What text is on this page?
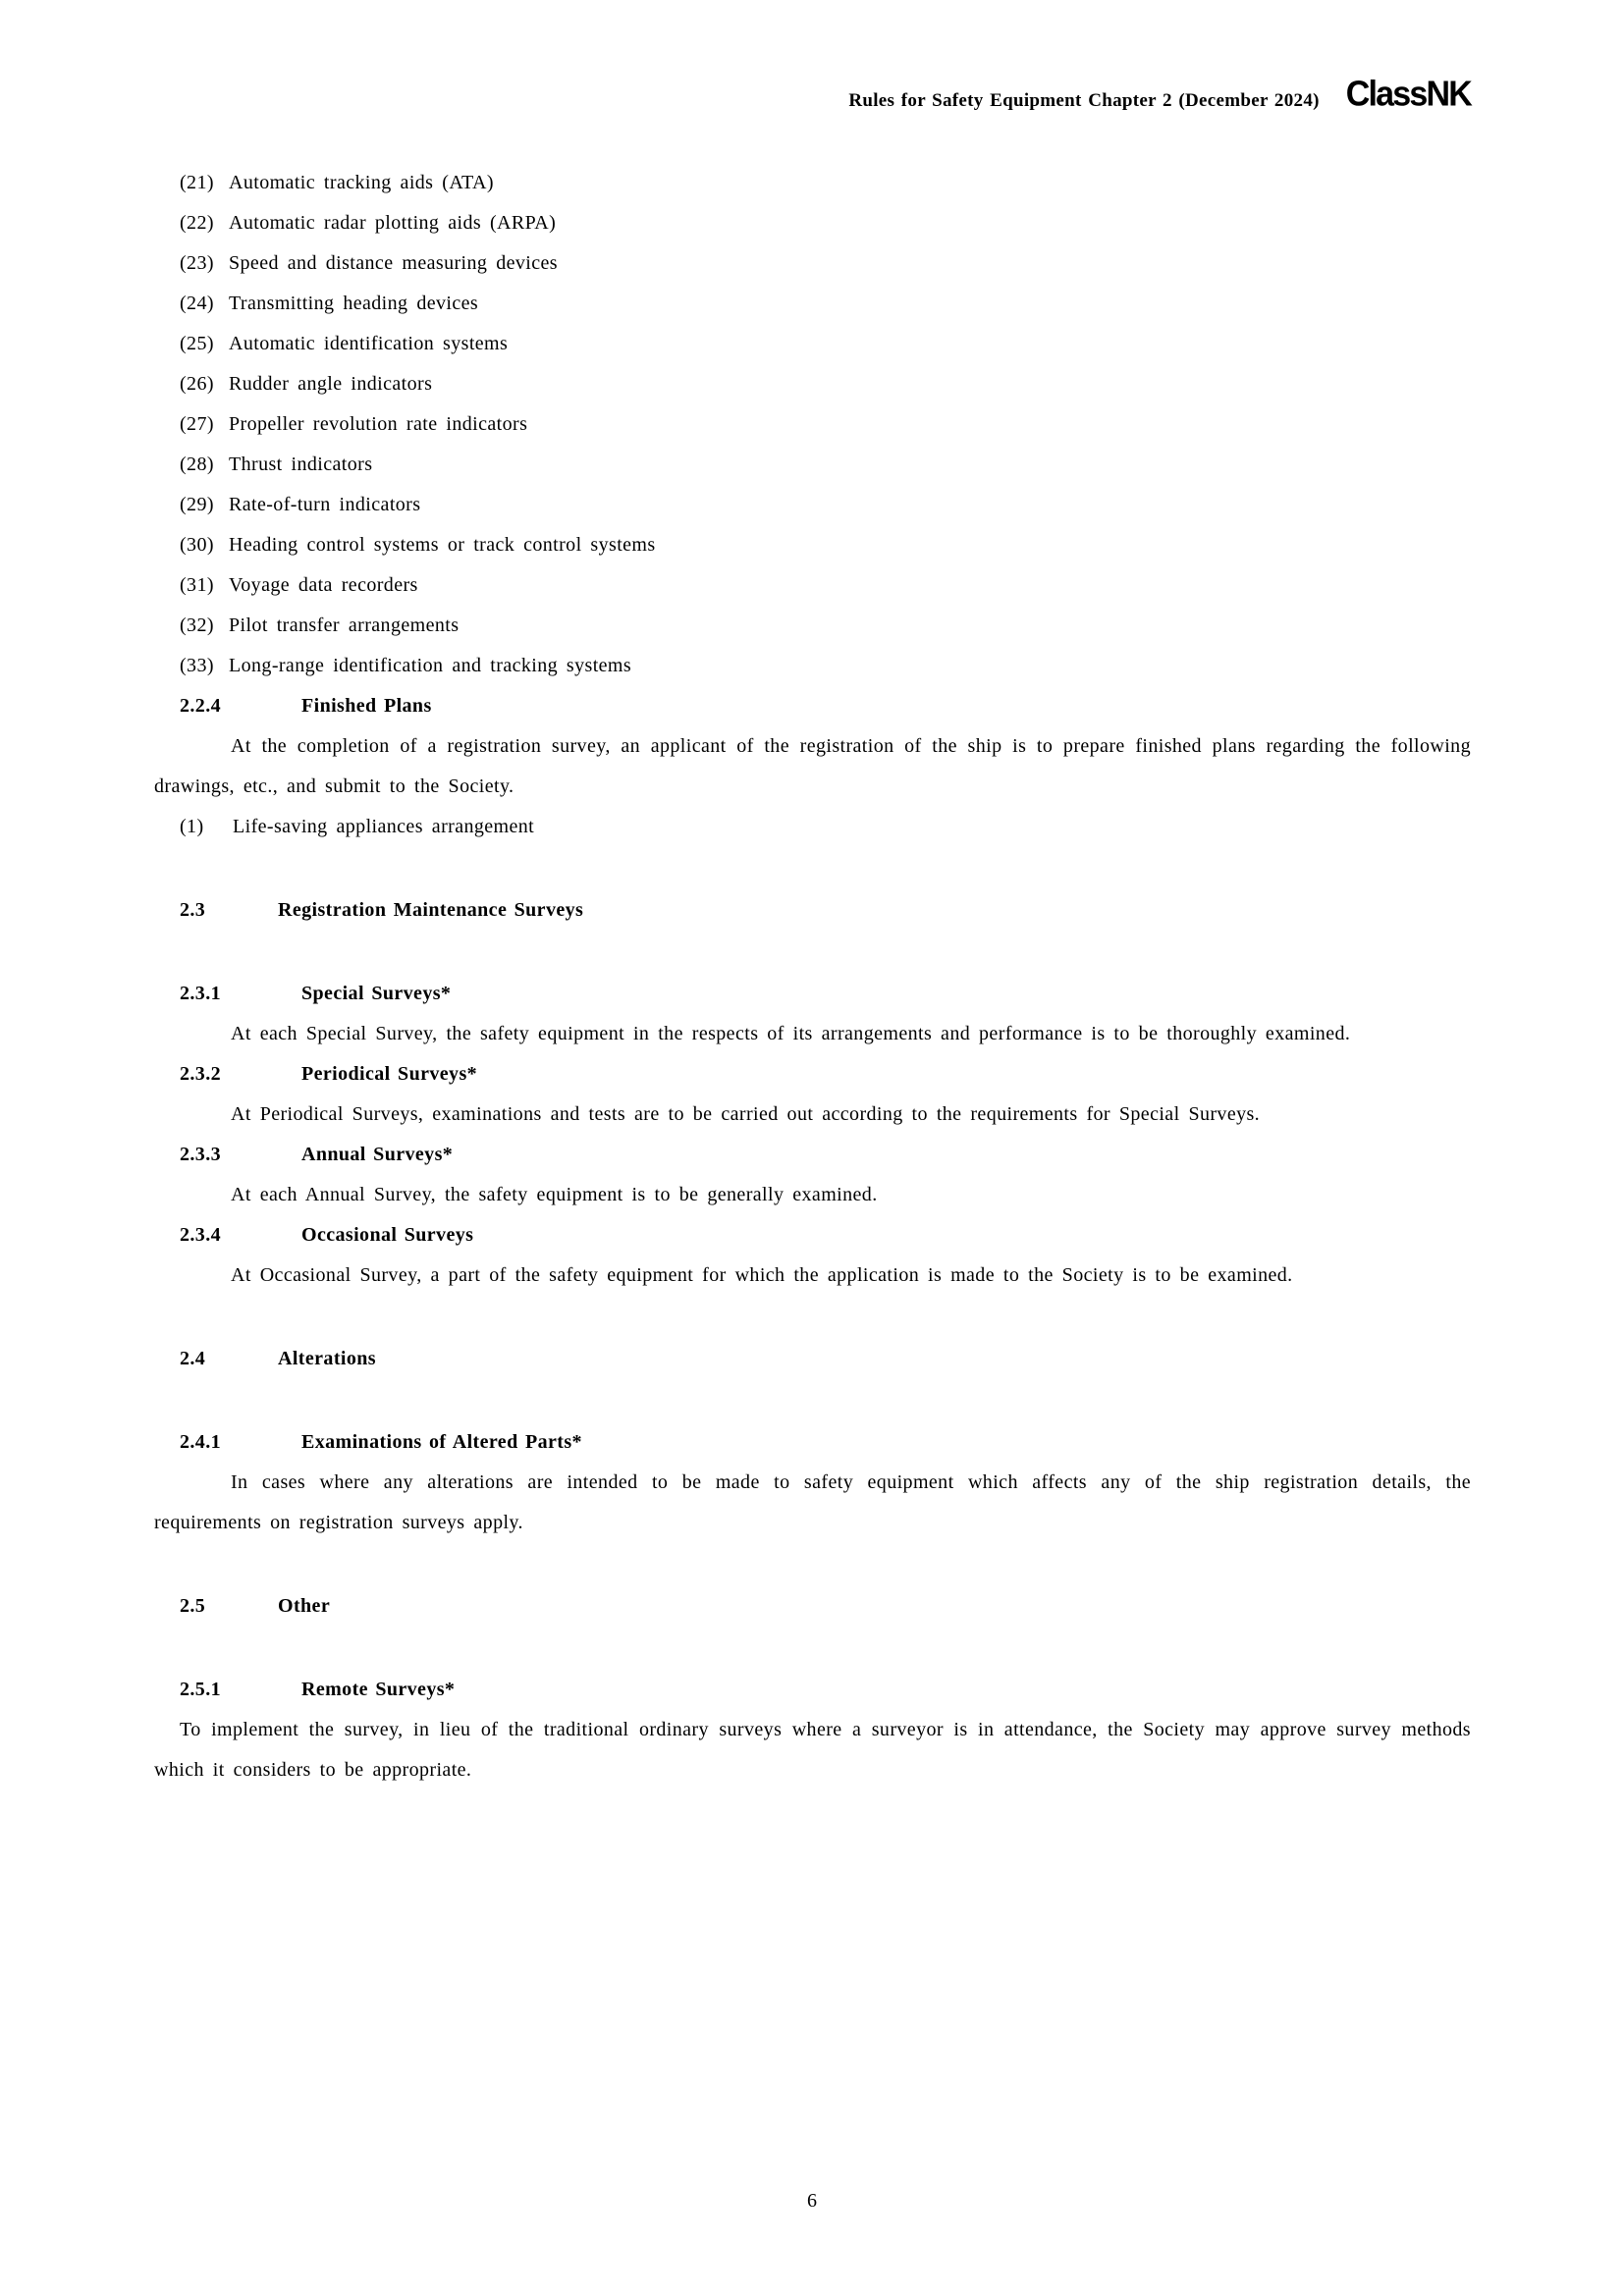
Rules for Safety Equipment Chapter 2 (December 2024) ClassNK
(21) Automatic tracking aids (ATA)
(22) Automatic radar plotting aids (ARPA)
(23) Speed and distance measuring devices
(24) Transmitting heading devices
(25) Automatic identification systems
(26) Rudder angle indicators
(27) Propeller revolution rate indicators
(28) Thrust indicators
(29) Rate-of-turn indicators
(30) Heading control systems or track control systems
(31) Voyage data recorders
(32) Pilot transfer arrangements
(33) Long-range identification and tracking systems
2.2.4	Finished Plans
At the completion of a registration survey, an applicant of the registration of the ship is to prepare finished plans regarding the following drawings, etc., and submit to the Society.
(1) Life-saving appliances arrangement
2.3	Registration Maintenance Surveys
2.3.1	Special Surveys*
At each Special Survey, the safety equipment in the respects of its arrangements and performance is to be thoroughly examined.
2.3.2	Periodical Surveys*
At Periodical Surveys, examinations and tests are to be carried out according to the requirements for Special Surveys.
2.3.3	Annual Surveys*
At each Annual Survey, the safety equipment is to be generally examined.
2.3.4	Occasional Surveys
At Occasional Survey, a part of the safety equipment for which the application is made to the Society is to be examined.
2.4	Alterations
2.4.1	Examinations of Altered Parts*
In cases where any alterations are intended to be made to safety equipment which affects any of the ship registration details, the requirements on registration surveys apply.
2.5	Other
2.5.1	Remote Surveys*
To implement the survey, in lieu of the traditional ordinary surveys where a surveyor is in attendance, the Society may approve survey methods which it considers to be appropriate.
6
